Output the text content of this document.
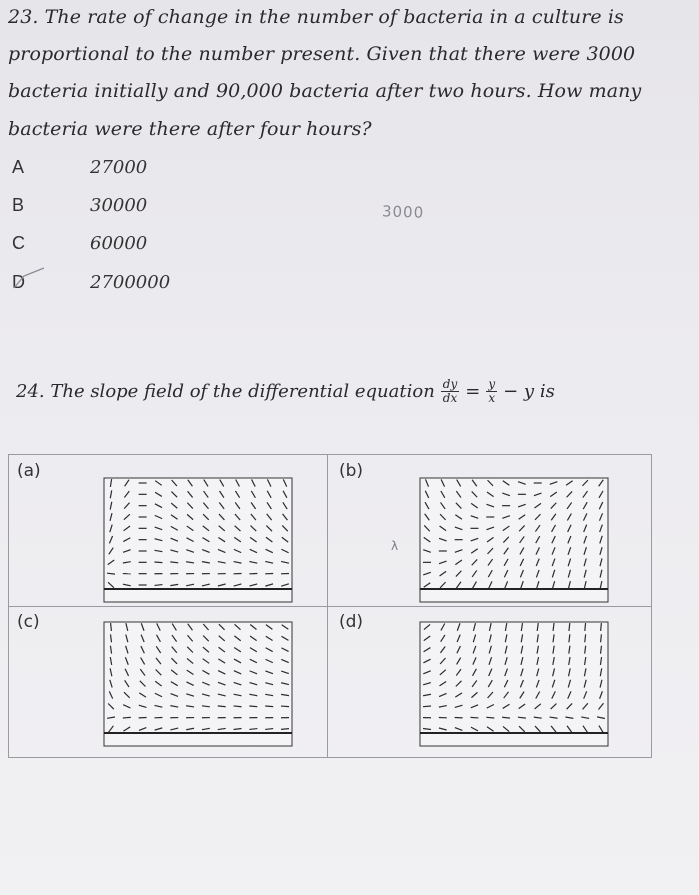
23. The rate of change in the number of bacteria in a culture is
proportional to the number present. Given that there were 3000
bacteria initially and 90,000 bacteria after two hours. How many
bacteria were there after four hours?
A	27000
B	30000
C	60000
D	2700000
3000
24. The slope field of the differential equation $\frac{dy}{dx} = \frac{y}{x} - y$ is
(a)	(b)
(c)	(d)
λ
